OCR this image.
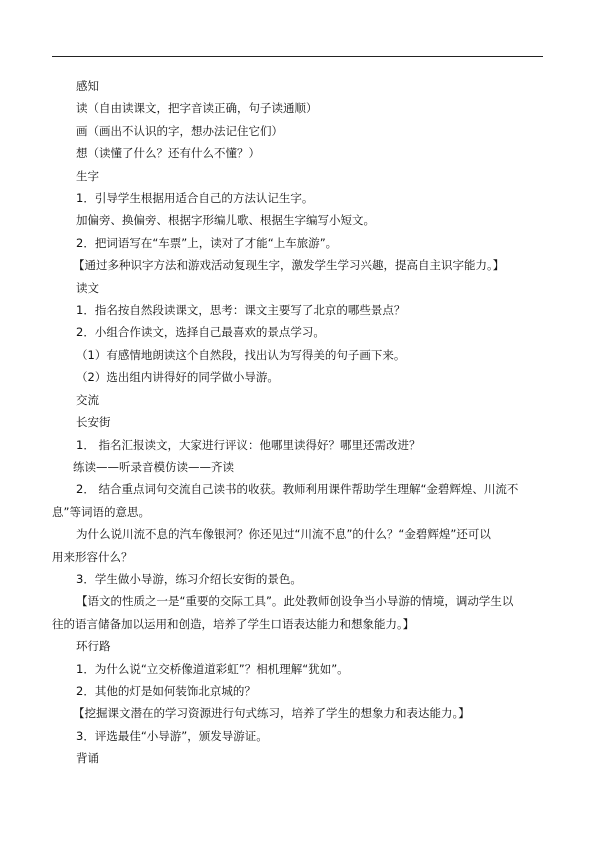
感知
读（自由读课文，把字音读正确，句子读通顺）
画（画出不认识的字，想办法记住它们）
想（读懂了什么？还有什么不懂？）
生字
1．引导学生根据用适合自己的方法认记生字。
加偏旁、换偏旁、根据字形编儿歌、根据生字编写小短文。
2．把词语写在“车票”上，读对了才能“上车旅游”。
【通过多种识字方法和游戏活动复现生字，激发学生学习兴趣，提高自主识字能力。】
读文
1．指名按自然段读课文，思考：课文主要写了北京的哪些景点？
2．小组合作读文，选择自己最喜欢的景点学习。
（1）有感情地朗读这个自然段，找出认为写得美的句子画下来。
（2）选出组内讲得好的同学做小导游。
交流
长安街
1． 指名汇报读文，大家进行评议：他哪里读得好？哪里还需改进？
练读——听录音模仿读——齐读
2． 结合重点词句交流自己读书的收获。教师利用课件帮助学生理解“金碧辉煌、川流不
息”等词语的意思。
为什么说川流不息的汽车像银河？你还见过“川流不息”的什么？“金碧辉煌”还可以
用来形容什么？
3．学生做小导游，练习介绍长安街的景色。
【语文的性质之一是“重要的交际工具”。此处教师创设争当小导游的情境，调动学生以
往的语言储备加以运用和创造，培养了学生口语表达能力和想象能力。】
环行路
1．为什么说“立交桥像道道彩虹”？相机理解“犹如”。
2．其他的灯是如何装饰北京城的？
【挖掘课文潜在的学习资源进行句式练习，培养了学生的想象力和表达能力。】
3．评选最佳“小导游”，颁发导游证。
背诵
